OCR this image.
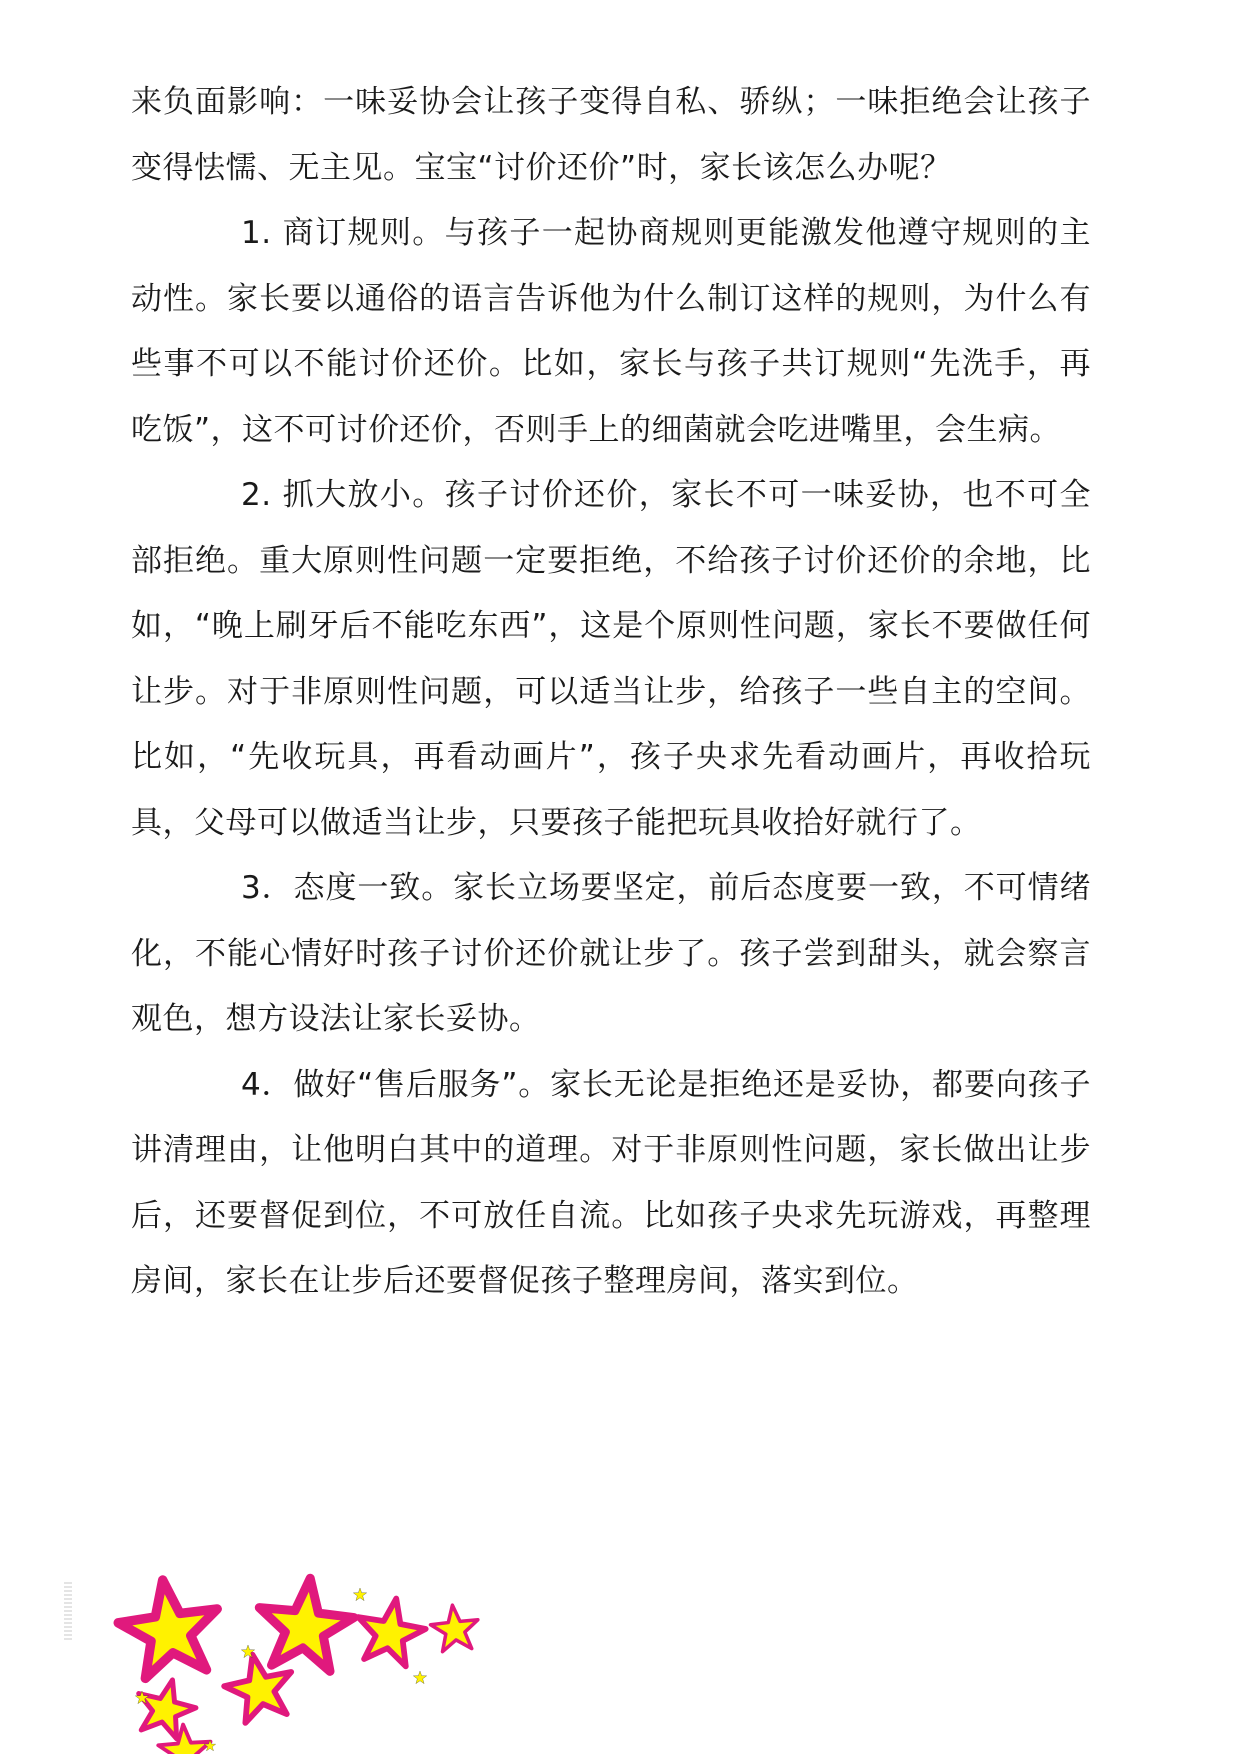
来负面影响：一味妥协会让孩子变得自私、骄纵；一味拒绝会让孩子变得怯懦、无主见。宝宝“讨价还价”时，家长该怎么办呢？

1. 商订规则。与孩子一起协商规则更能激发他遵守规则的主动性。家长要以通俗的语言告诉他为什么制订这样的规则，为什么有些事不可以不能讨价还价。比如，家长与孩子共订规则“先洗手，再吃饭”，这不可讨价还价，否则手上的细菌就会吃进嘴里，会生病。

2. 抓大放小。孩子讨价还价，家长不可一味妥协，也不可全部拒绝。重大原则性问题一定要拒绝，不给孩子讨价还价的余地，比如，“晚上刷牙后不能吃东西”，这是个原则性问题，家长不要做任何让步。对于非原则性问题，可以适当让步，给孩子一些自主的空间。比如，“先收玩具，再看动画片”，孩子央求先看动画片，再收拾玩具，父母可以做适当让步，只要孩子能把玩具收拾好就行了。

3．态度一致。家长立场要坚定，前后态度要一致，不可情绪化，不能心情好时孩子讨价还价就让步了。孩子尝到甜头，就会察言观色，想方设法让家长妥协。

4．做好“售后服务”。家长无论是拒绝还是妥协，都要向孩子讲清理由，让他明白其中的道理。对于非原则性问题，家长做出让步后，还要督促到位，不可放任自流。比如孩子央求先玩游戏，再整理房间，家长在让步后还要督促孩子整理房间，落实到位。
